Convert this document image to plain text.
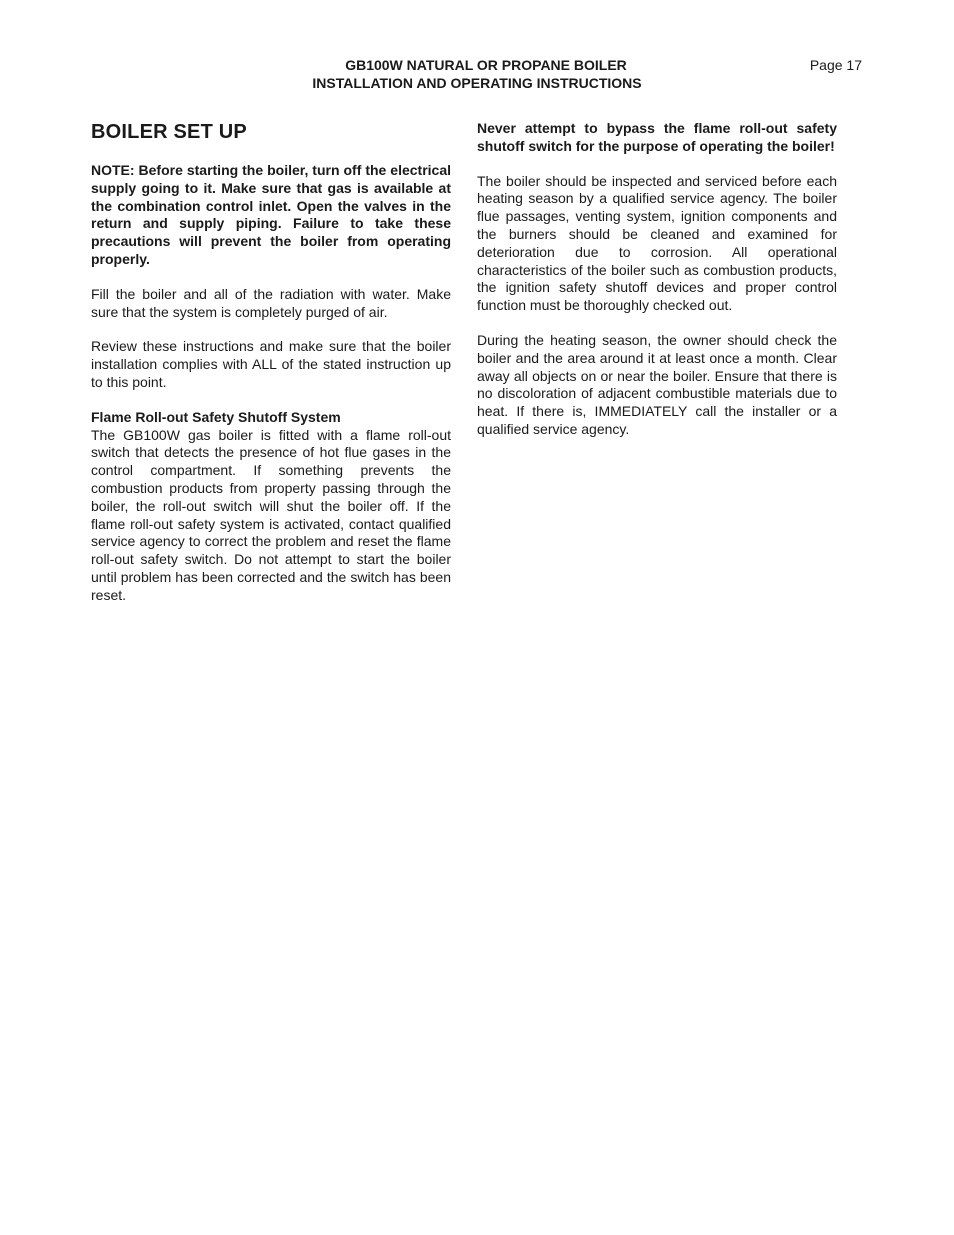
GB100W NATURAL OR PROPANE BOILER
INSTALLATION AND OPERATING INSTRUCTIONS
Page 17
BOILER SET UP

NOTE: Before starting the boiler, turn off the electrical supply going to it. Make sure that gas is available at the combination control inlet. Open the valves in the return and supply piping. Failure to take these precautions will prevent the boiler from operating properly.

Fill the boiler and all of the radiation with water. Make sure that the system is completely purged of air.

Review these instructions and make sure that the boiler installation complies with ALL of the stated instruction up to this point.

Flame Roll-out Safety Shutoff System

The GB100W gas boiler is fitted with a flame roll-out switch that detects the presence of hot flue gases in the control compartment. If something prevents the combustion products from property passing through the boiler, the roll-out switch will shut the boiler off. If the flame roll-out safety system is activated, contact qualified service agency to correct the problem and reset the flame roll-out safety switch. Do not attempt to start the boiler until problem has been corrected and the switch has been reset.

Never attempt to bypass the flame roll-out safety shutoff switch for the purpose of operating the boiler!

The boiler should be inspected and serviced before each heating season by a qualified service agency. The boiler flue passages, venting system, ignition components and the burners should be cleaned and examined for deterioration due to corrosion. All operational characteristics of the boiler such as combustion products, the ignition safety shutoff devices and proper control function must be thoroughly checked out.

During the heating season, the owner should check the boiler and the area around it at least once a month. Clear away all objects on or near the boiler. Ensure that there is no discoloration of adjacent combustible materials due to heat. If there is, IMMEDIATELY call the installer or a qualified service agency.
